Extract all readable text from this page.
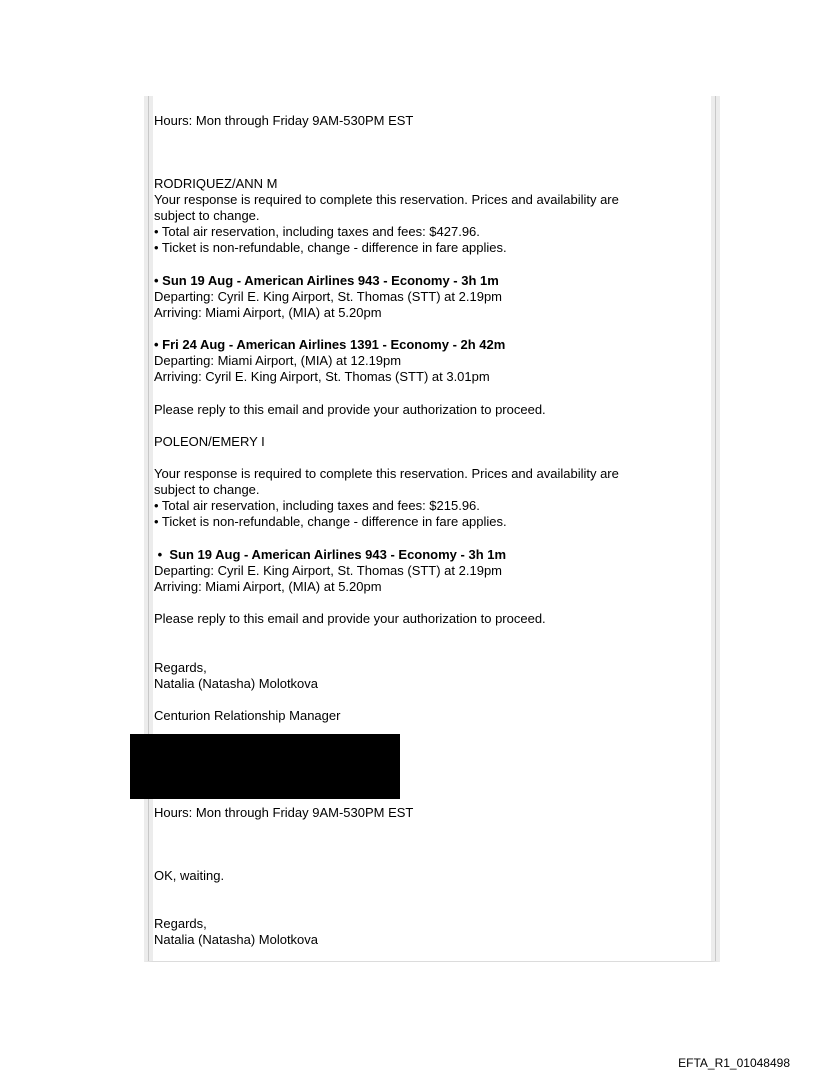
Hours: Mon through Friday 9AM-530PM EST
RODRIQUEZ/ANN M
Your response is required to complete this reservation. Prices and availability are
subject to change.
• Total air reservation, including taxes and fees: $427.96.
• Ticket is non-refundable, change - difference in fare applies.
• Sun 19 Aug - American Airlines 943 - Economy - 3h 1m
Departing: Cyril E. King Airport, St. Thomas (STT) at 2.19pm
Arriving: Miami Airport, (MIA) at 5.20pm
• Fri 24 Aug - American Airlines 1391 - Economy - 2h 42m
Departing: Miami Airport, (MIA) at 12.19pm
Arriving: Cyril E. King Airport, St. Thomas (STT) at 3.01pm
Please reply to this email and provide your authorization to proceed.
POLEON/EMERY I
Your response is required to complete this reservation. Prices and availability are
subject to change.
• Total air reservation, including taxes and fees: $215.96.
• Ticket is non-refundable, change - difference in fare applies.
•  Sun 19 Aug - American Airlines 943 - Economy - 3h 1m
Departing: Cyril E. King Airport, St. Thomas (STT) at 2.19pm
Arriving: Miami Airport, (MIA) at 5.20pm
Please reply to this email and provide your authorization to proceed.
Regards,
Natalia (Natasha) Molotkova
Centurion Relationship Manager
Hours: Mon through Friday 9AM-530PM EST
OK, waiting.
Regards,
Natalia (Natasha) Molotkova
EFTA_R1_01048498
